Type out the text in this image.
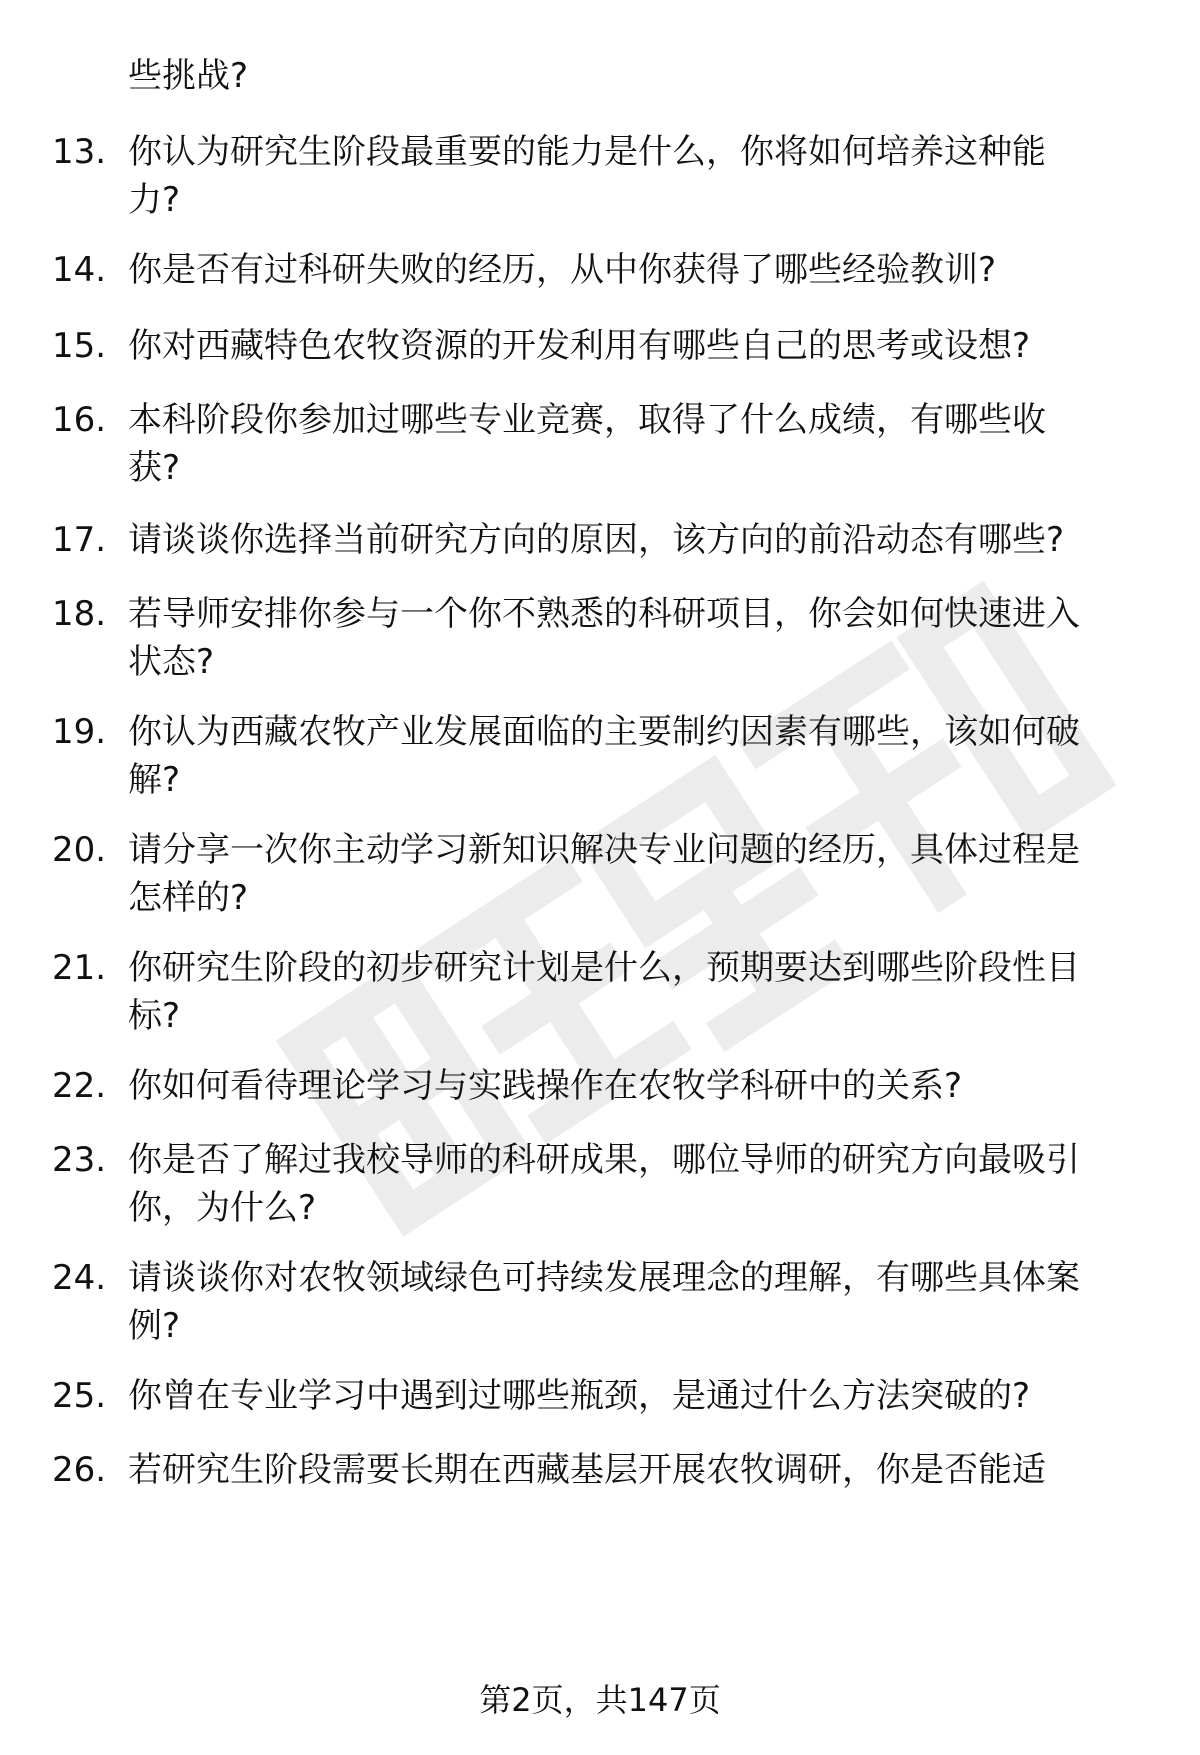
些挑战?
13. 你认为研究生阶段最重要的能力是什么，你将如何培养这种能
力?
14. 你是否有过科研失败的经历，从中你获得了哪些经验教训?
15. 你对西藏特色农牧资源的开发利用有哪些自己的思考或设想?
16. 本科阶段你参加过哪些专业竞赛，取得了什么成绩，有哪些收
获?
17. 请谈谈你选择当前研究方向的原因，该方向的前沿动态有哪些?
18. 若导师安排你参与一个你不熟悉的科研项目，你会如何快速进入
状态?
19. 你认为西藏农牧产业发展面临的主要制约因素有哪些，该如何破
解?
20. 请分享一次你主动学习新知识解决专业问题的经历，具体过程是
怎样的?
21. 你研究生阶段的初步研究计划是什么，预期要达到哪些阶段性目
标?
22. 你如何看待理论学习与实践操作在农牧学科研中的关系?
23. 你是否了解过我校导师的科研成果，哪位导师的研究方向最吸引
你，为什么?
24. 请谈谈你对农牧领域绿色可持续发展理念的理解，有哪些具体案
例?
25. 你曾在专业学习中遇到过哪些瓶颈，是通过什么方法突破的?
26. 若研究生阶段需要长期在西藏基层开展农牧调研，你是否能适
第2页，共147页
